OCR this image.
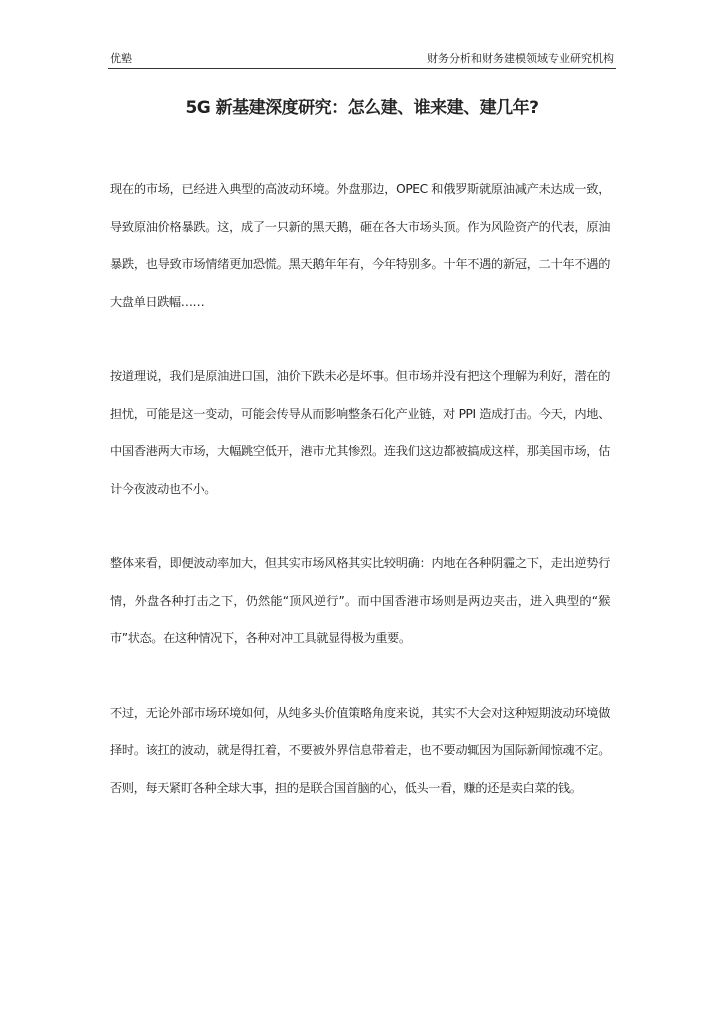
优塾	财务分析和财务建模领域专业研究机构
5G 新基建深度研究：怎么建、谁来建、建几年?

现在的市场，已经进入典型的高波动环境。外盘那边，OPEC 和俄罗斯就原油减产未达成一致，导致原油价格暴跌。这，成了一只新的黑天鹅，砸在各大市场头顶。作为风险资产的代表，原油暴跌，也导致市场情绪更加恐慌。黑天鹅年年有，今年特别多。十年不遇的新冠，二十年不遇的大盘单日跌幅……

按道理说，我们是原油进口国，油价下跌未必是坏事。但市场并没有把这个理解为利好，潜在的担忧，可能是这一变动，可能会传导从而影响整条石化产业链，对 PPI 造成打击。今天，内地、中国香港两大市场，大幅跳空低开，港市尤其惨烈。连我们这边都被搞成这样，那美国市场，估计今夜波动也不小。

整体来看，即便波动率加大，但其实市场风格其实比较明确：内地在各种阴霾之下，走出逆势行情，外盘各种打击之下，仍然能“顶风逆行”。而中国香港市场则是两边夹击，进入典型的“猴市”状态。在这种情况下，各种对冲工具就显得极为重要。

不过，无论外部市场环境如何，从纯多头价值策略角度来说，其实不大会对这种短期波动环境做择时。该扛的波动，就是得扛着，不要被外界信息带着走，也不要动辄因为国际新闻惊魂不定。否则，每天紧盯各种全球大事，担的是联合国首脑的心，低头一看，赚的还是卖白菜的钱。
